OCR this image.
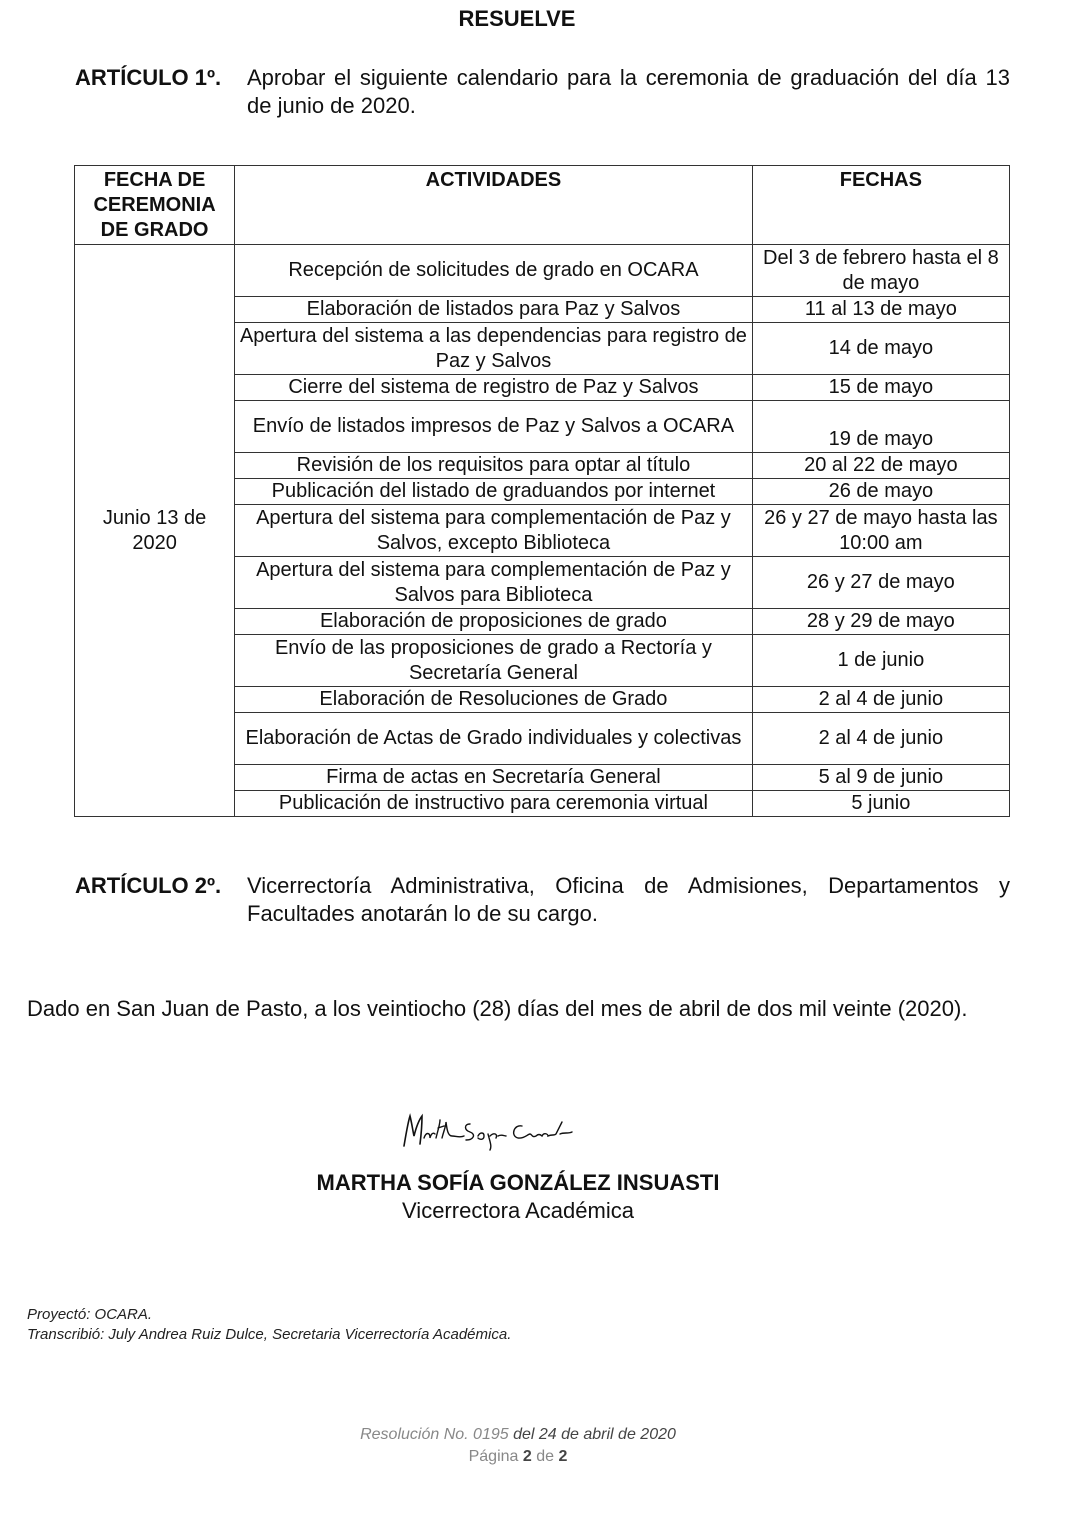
RESUELVE
ARTÍCULO 1º.	Aprobar el siguiente calendario para la ceremonia de graduación del día 13 de junio de 2020.
FECHA DE CEREMONIA DE GRADO	ACTIVIDADES	FECHAS
Junio 13 de 2020	Recepción de solicitudes de grado en OCARA	Del 3 de febrero hasta el 8 de mayo
	Elaboración de listados para Paz y Salvos	11 al 13 de mayo
	Apertura del sistema a las dependencias para registro de Paz y Salvos	14 de mayo
	Cierre del sistema de registro de Paz y Salvos	15 de mayo
	Envío de listados impresos de Paz y Salvos a OCARA	19 de mayo
	Revisión de los requisitos para optar al título	20 al 22 de mayo
	Publicación del listado de graduandos por internet	26 de mayo
	Apertura del sistema para complementación de Paz y Salvos, excepto Biblioteca	26 y 27 de mayo hasta las 10:00 am
	Apertura del sistema para complementación de Paz y Salvos para Biblioteca	26 y 27 de mayo
	Elaboración de proposiciones de grado	28 y 29 de mayo
	Envío de las proposiciones de grado a Rectoría y Secretaría General	1 de junio
	Elaboración de Resoluciones de Grado	2 al 4 de junio
	Elaboración de Actas de Grado individuales y colectivas	2 al 4 de junio
	Firma de actas en Secretaría General	5 al 9 de junio
	Publicación de instructivo para ceremonia virtual	5 junio
ARTÍCULO 2º.	Vicerrectoría Administrativa, Oficina de Admisiones, Departamentos y Facultades anotarán lo de su cargo.
Dado en San Juan de Pasto, a los veintiocho (28) días del mes de abril de dos mil veinte (2020).
MARTHA SOFÍA GONZÁLEZ INSUASTI
Vicerrectora Académica
Proyectó: OCARA.
Transcribió: July Andrea Ruiz Dulce, Secretaria Vicerrectoría Académica.
Resolución No. 0195 del 24 de abril de 2020
Página 2 de 2
